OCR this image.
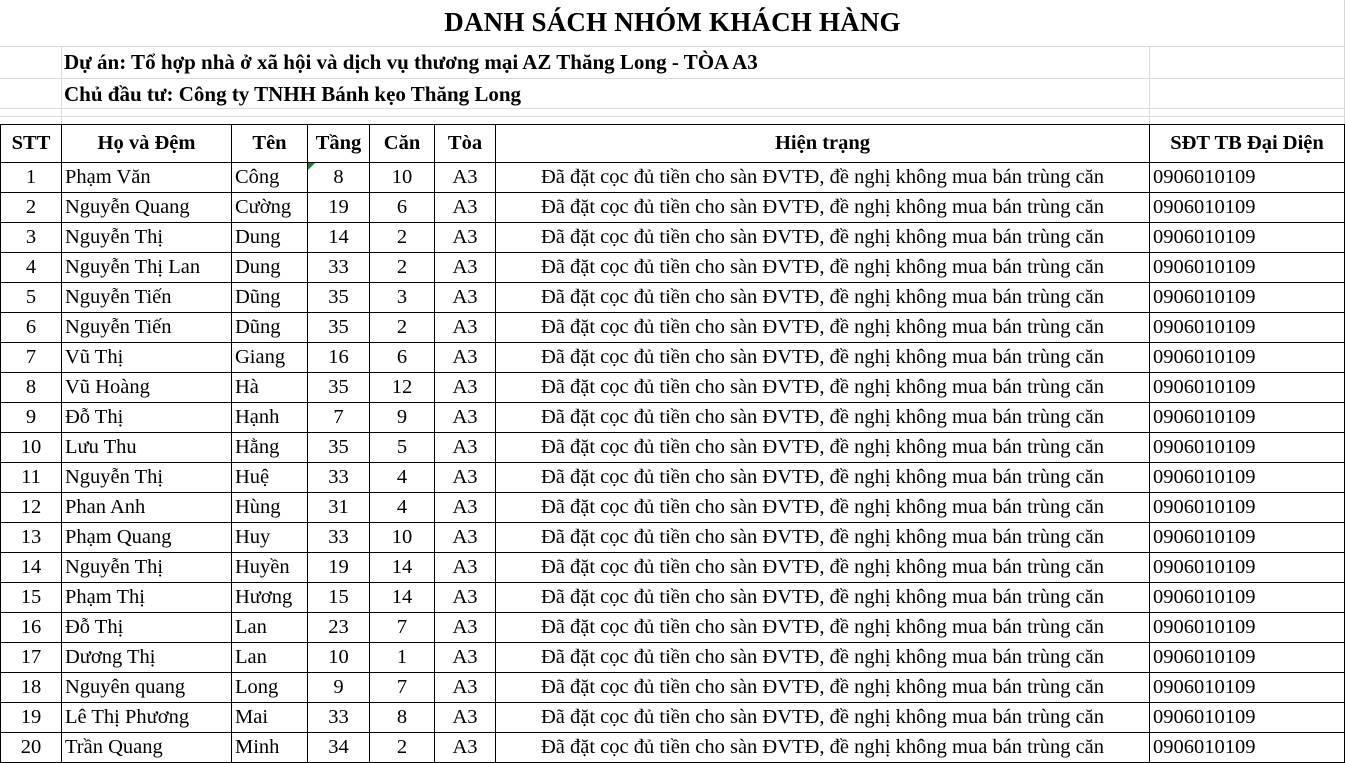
DANH SÁCH NHÓM KHÁCH HÀNG
Dự án: Tổ hợp nhà ở xã hội và dịch vụ thương mại AZ Thăng Long - TÒA A3
Chủ đầu tư: Công ty TNHH Bánh kẹo Thăng Long
STT	Họ và Đệm	Tên	Tầng	Căn	Tòa	Hiện trạng	SĐT TB Đại Diện
1	Phạm Văn	Công	8	10	A3	Đã đặt cọc đủ tiền cho sàn ĐVTĐ, đề nghị không mua bán trùng căn	0906010109
2	Nguyễn Quang	Cường	19	6	A3	Đã đặt cọc đủ tiền cho sàn ĐVTĐ, đề nghị không mua bán trùng căn	0906010109
3	Nguyễn Thị	Dung	14	2	A3	Đã đặt cọc đủ tiền cho sàn ĐVTĐ, đề nghị không mua bán trùng căn	0906010109
4	Nguyễn Thị Lan	Dung	33	2	A3	Đã đặt cọc đủ tiền cho sàn ĐVTĐ, đề nghị không mua bán trùng căn	0906010109
5	Nguyễn Tiến	Dũng	35	3	A3	Đã đặt cọc đủ tiền cho sàn ĐVTĐ, đề nghị không mua bán trùng căn	0906010109
6	Nguyễn Tiến	Dũng	35	2	A3	Đã đặt cọc đủ tiền cho sàn ĐVTĐ, đề nghị không mua bán trùng căn	0906010109
7	Vũ Thị	Giang	16	6	A3	Đã đặt cọc đủ tiền cho sàn ĐVTĐ, đề nghị không mua bán trùng căn	0906010109
8	Vũ Hoàng	Hà	35	12	A3	Đã đặt cọc đủ tiền cho sàn ĐVTĐ, đề nghị không mua bán trùng căn	0906010109
9	Đỗ Thị	Hạnh	7	9	A3	Đã đặt cọc đủ tiền cho sàn ĐVTĐ, đề nghị không mua bán trùng căn	0906010109
10	Lưu Thu	Hằng	35	5	A3	Đã đặt cọc đủ tiền cho sàn ĐVTĐ, đề nghị không mua bán trùng căn	0906010109
11	Nguyễn Thị	Huệ	33	4	A3	Đã đặt cọc đủ tiền cho sàn ĐVTĐ, đề nghị không mua bán trùng căn	0906010109
12	Phan Anh	Hùng	31	4	A3	Đã đặt cọc đủ tiền cho sàn ĐVTĐ, đề nghị không mua bán trùng căn	0906010109
13	Phạm Quang	Huy	33	10	A3	Đã đặt cọc đủ tiền cho sàn ĐVTĐ, đề nghị không mua bán trùng căn	0906010109
14	Nguyễn Thị	Huyền	19	14	A3	Đã đặt cọc đủ tiền cho sàn ĐVTĐ, đề nghị không mua bán trùng căn	0906010109
15	Phạm Thị	Hương	15	14	A3	Đã đặt cọc đủ tiền cho sàn ĐVTĐ, đề nghị không mua bán trùng căn	0906010109
16	Đỗ Thị	Lan	23	7	A3	Đã đặt cọc đủ tiền cho sàn ĐVTĐ, đề nghị không mua bán trùng căn	0906010109
17	Dương Thị	Lan	10	1	A3	Đã đặt cọc đủ tiền cho sàn ĐVTĐ, đề nghị không mua bán trùng căn	0906010109
18	Nguyên quang	Long	9	7	A3	Đã đặt cọc đủ tiền cho sàn ĐVTĐ, đề nghị không mua bán trùng căn	0906010109
19	Lê Thị Phương	Mai	33	8	A3	Đã đặt cọc đủ tiền cho sàn ĐVTĐ, đề nghị không mua bán trùng căn	0906010109
20	Trần Quang	Minh	34	2	A3	Đã đặt cọc đủ tiền cho sàn ĐVTĐ, đề nghị không mua bán trùng căn	0906010109
